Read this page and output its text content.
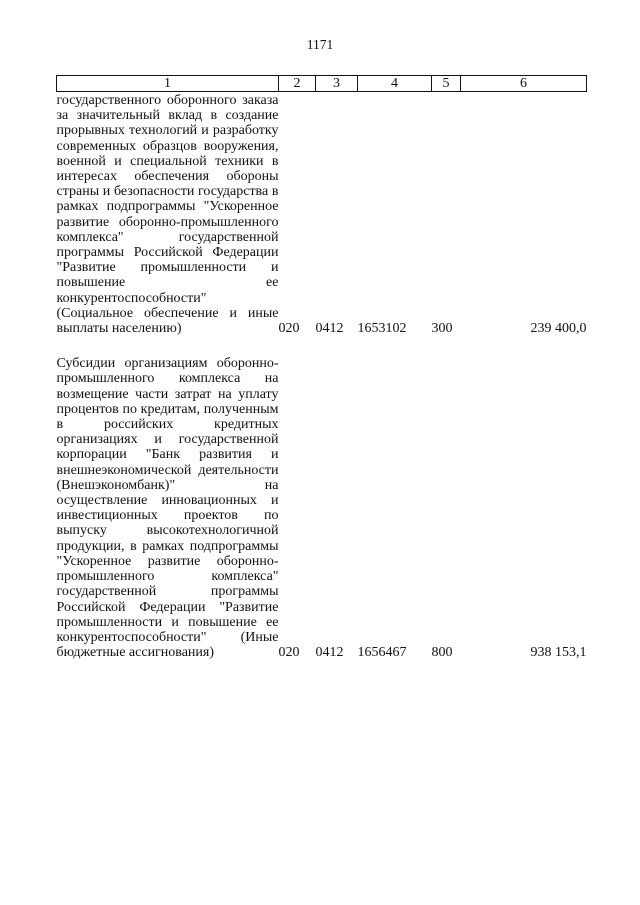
1171
1	2	3	4	5	6
государственного оборонного заказа за значительный вклад в создание прорывных технологий и разработку современных образцов вооружения, военной и специальной техники в интересах обеспечения обороны страны и безопасности государства в рамках подпрограммы "Ускоренное развитие оборонно-промышленного комплекса" государственной программы Российской Федерации "Развитие промышленности и повышение ее конкурентоспособности" (Социальное обеспечение и иные выплаты населению)	020	0412	1653102	300	239 400,0
Субсидии организациям оборонно-промышленного комплекса на возмещение части затрат на уплату процентов по кредитам, полученным в российских кредитных организациях и государственной корпорации "Банк развития и внешнеэкономической деятельности (Внешэкономбанк)" на осуществление инновационных и инвестиционных проектов по выпуску высокотехнологичной продукции, в рамках подпрограммы "Ускоренное развитие оборонно-промышленного комплекса" государственной программы Российской Федерации "Развитие промышленности и повышение ее конкурентоспособности" (Иные бюджетные ассигнования)	020	0412	1656467	800	938 153,1
